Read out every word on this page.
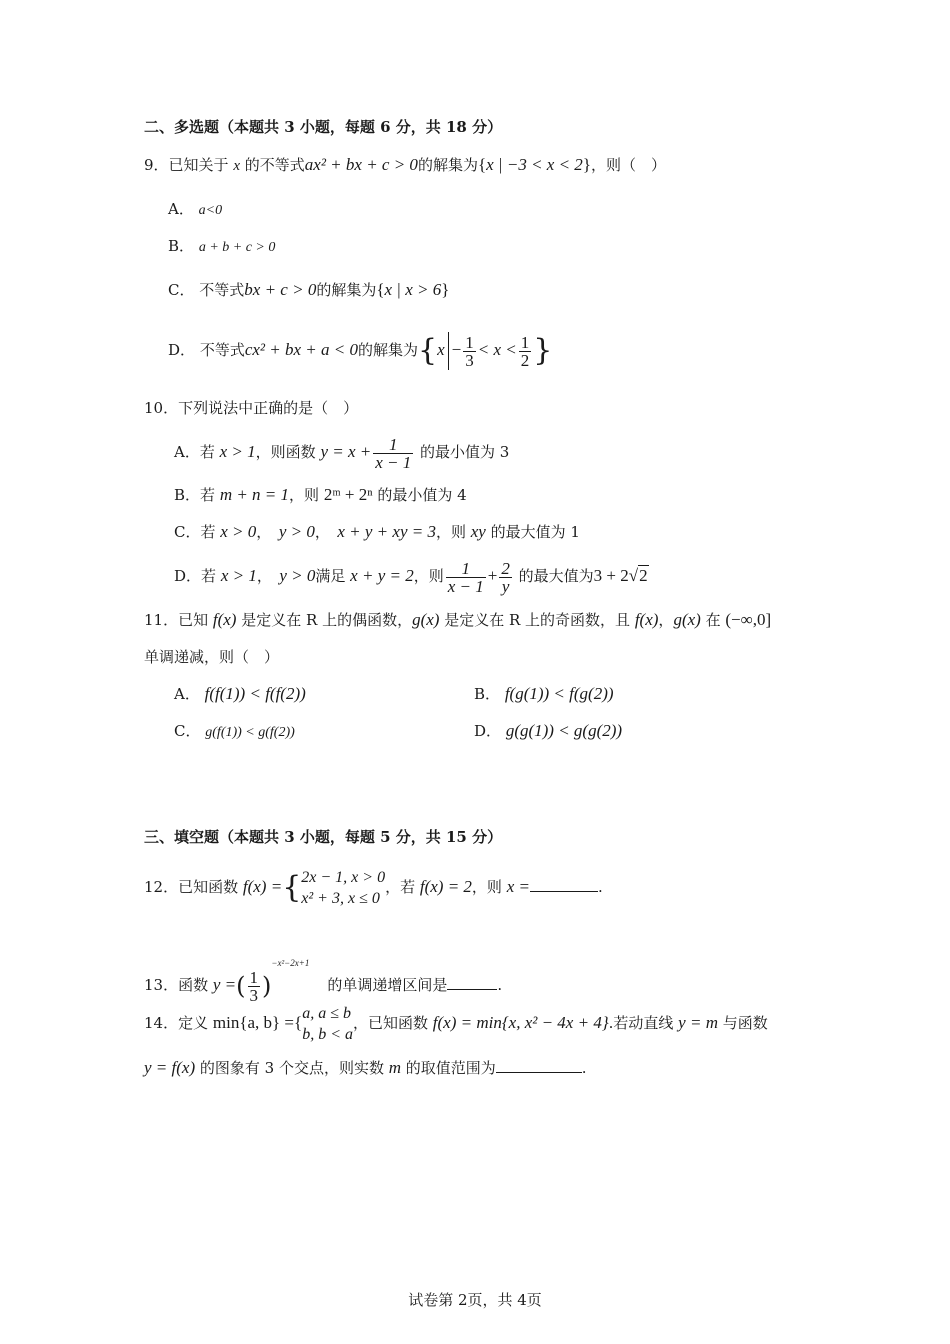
二、多选题（本题共 3 小题，每题 6 分，共 18 分）
9．已知关于 x 的不等式ax² + bx + c > 0的解集为{x | −3 < x < 2}，则（　）
A． a<0
B． a + b + c > 0
C． 不等式bx + c > 0的解集为{x | x > 6}
D． 不等式cx² + bx + a < 0的解集为{$x - \frac{1}{3} < x < \frac{1}{2}$ }
10．下列说法中正确的是（　）
A．若 x > 1，则函数 $y = x + \frac{1}{x - 1}$ 的最小值为 3
B．若 m + n = 1，则 2ᵐ + 2ⁿ 的最小值为 4
C．若 x > 0，　y > 0，　x + y + xy = 3，则 xy 的最大值为 1
D．若 x > 1，　y > 0满足 x + y = 2，则 $\frac{1}{x - 1} + \frac{2}{y}$ 的最大值为3 + 2√2
11．已知 f(x) 是定义在 R 上的偶函数，g(x) 是定义在 R 上的奇函数，且 f(x)，g(x) 在 (−∞,0]
单调递减，则（　）
A． f(f(1)) < f(f(2))	B． f(g(1)) < f(g(2))
C． g(f(1)) < g(f(2))	D． g(g(1)) < g(g(2))
三、填空题（本题共 3 小题，每题 5 分，共 15 分）
12．已知函数 f(x) ={ 2x − 1, x > 0
x² + 3, x ≤ 0
，若 f(x) = 2，则 x =	.
13．函数 y =( $\frac{1}{3} )^{-x^2-2x+1}$的单调递增区间是	.
14．定义 min{a, b} ={ a, a ≤ b
b, b < a
，已知函数 f(x) = min{x, x² − 4x + 4}.若动直线 y = m 与函数
y = f(x) 的图象有 3 个交点，则实数 m 的取值范围为	.
试卷第 2页，共 4页
